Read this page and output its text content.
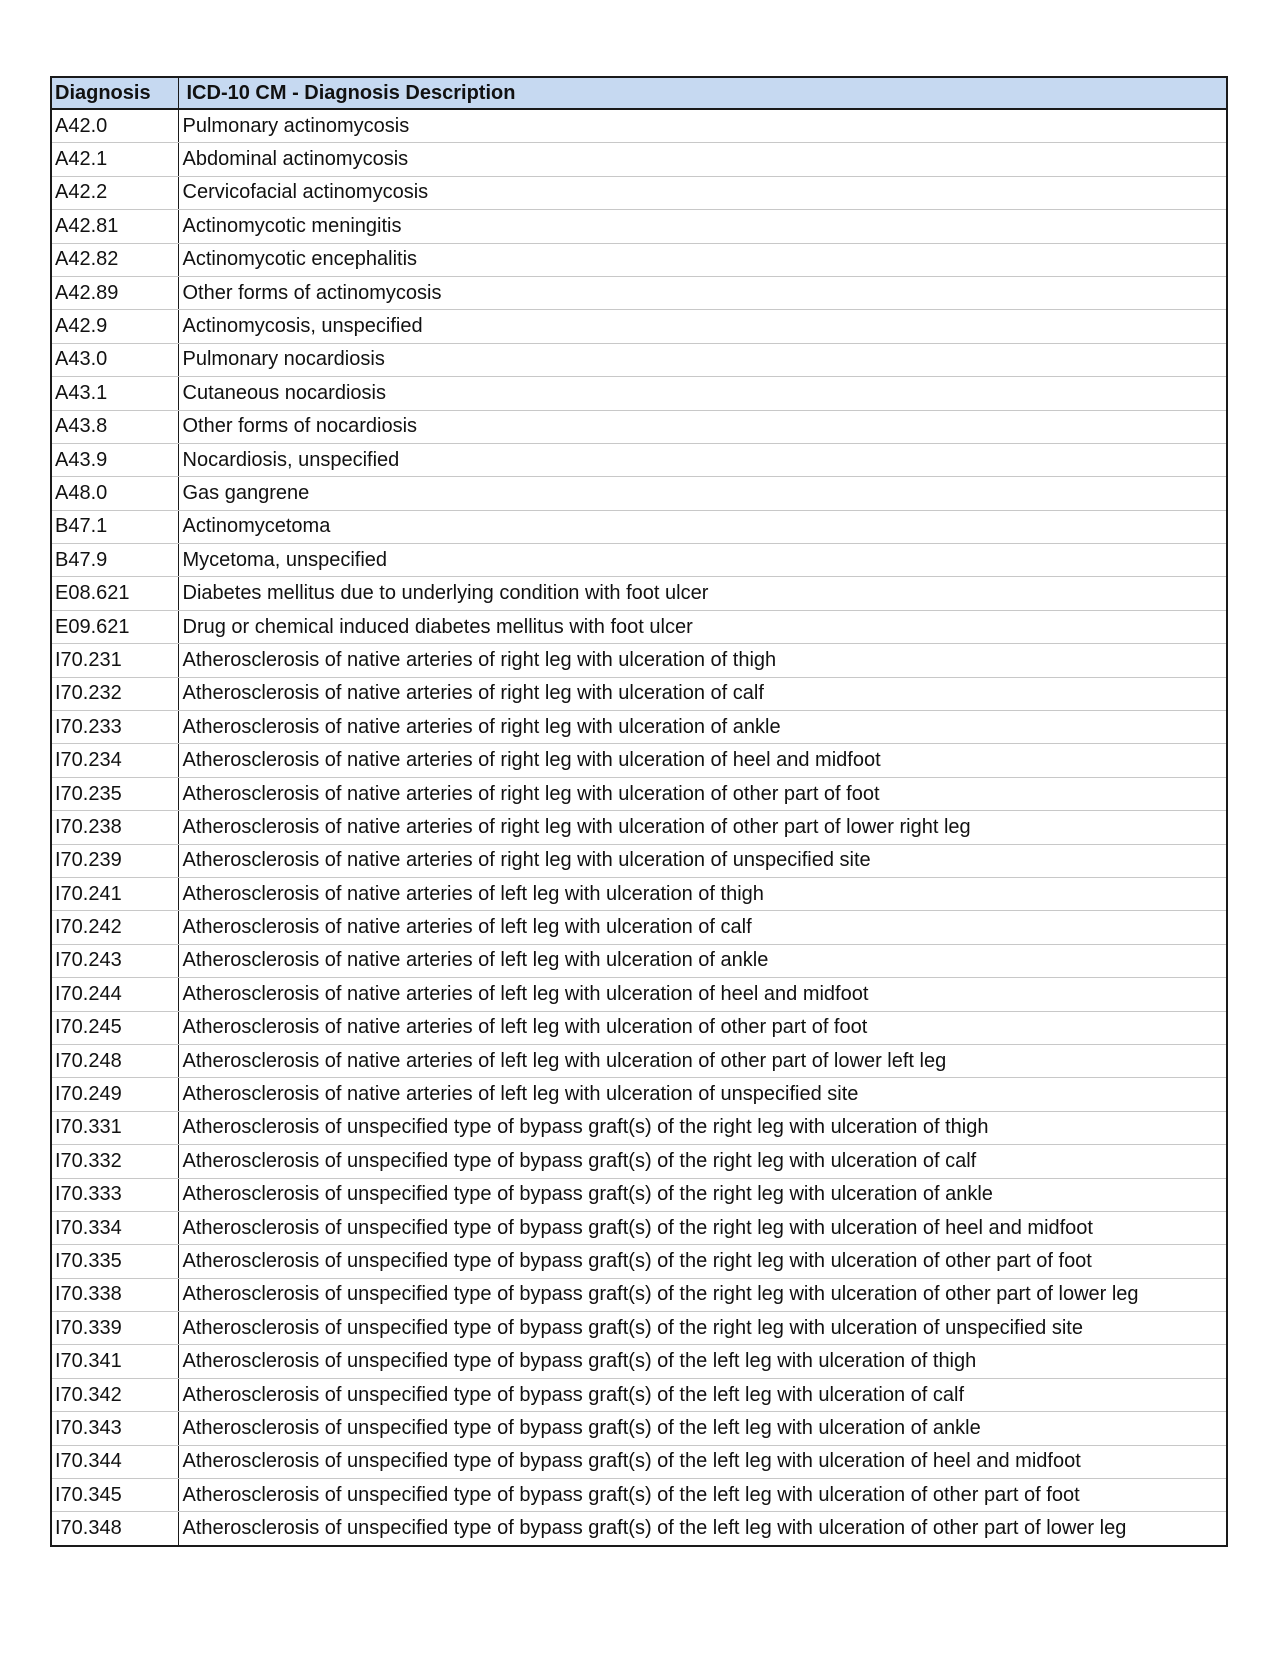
Diagnosis	ICD-10 CM - Diagnosis Description
A42.0	Pulmonary actinomycosis
A42.1	Abdominal actinomycosis
A42.2	Cervicofacial actinomycosis
A42.81	Actinomycotic meningitis
A42.82	Actinomycotic encephalitis
A42.89	Other forms of actinomycosis
A42.9	Actinomycosis, unspecified
A43.0	Pulmonary nocardiosis
A43.1	Cutaneous nocardiosis
A43.8	Other forms of nocardiosis
A43.9	Nocardiosis, unspecified
A48.0	Gas gangrene
B47.1	Actinomycetoma
B47.9	Mycetoma, unspecified
E08.621	Diabetes mellitus due to underlying condition with foot ulcer
E09.621	Drug or chemical induced diabetes mellitus with foot ulcer
I70.231	Atherosclerosis of native arteries of right leg with ulceration of thigh
I70.232	Atherosclerosis of native arteries of right leg with ulceration of calf
I70.233	Atherosclerosis of native arteries of right leg with ulceration of ankle
I70.234	Atherosclerosis of native arteries of right leg with ulceration of heel and midfoot
I70.235	Atherosclerosis of native arteries of right leg with ulceration of other part of foot
I70.238	Atherosclerosis of native arteries of right leg with ulceration of other part of lower right leg
I70.239	Atherosclerosis of native arteries of right leg with ulceration of unspecified site
I70.241	Atherosclerosis of native arteries of left leg with ulceration of thigh
I70.242	Atherosclerosis of native arteries of left leg with ulceration of calf
I70.243	Atherosclerosis of native arteries of left leg with ulceration of ankle
I70.244	Atherosclerosis of native arteries of left leg with ulceration of heel and midfoot
I70.245	Atherosclerosis of native arteries of left leg with ulceration of other part of foot
I70.248	Atherosclerosis of native arteries of left leg with ulceration of other part of lower left leg
I70.249	Atherosclerosis of native arteries of left leg with ulceration of unspecified site
I70.331	Atherosclerosis of unspecified type of bypass graft(s) of the right leg with ulceration of thigh
I70.332	Atherosclerosis of unspecified type of bypass graft(s) of the right leg with ulceration of calf
I70.333	Atherosclerosis of unspecified type of bypass graft(s) of the right leg with ulceration of ankle
I70.334	Atherosclerosis of unspecified type of bypass graft(s) of the right leg with ulceration of heel and midfoot
I70.335	Atherosclerosis of unspecified type of bypass graft(s) of the right leg with ulceration of other part of foot
I70.338	Atherosclerosis of unspecified type of bypass graft(s) of the right leg with ulceration of other part of lower leg
I70.339	Atherosclerosis of unspecified type of bypass graft(s) of the right leg with ulceration of unspecified site
I70.341	Atherosclerosis of unspecified type of bypass graft(s) of the left leg with ulceration of thigh
I70.342	Atherosclerosis of unspecified type of bypass graft(s) of the left leg with ulceration of calf
I70.343	Atherosclerosis of unspecified type of bypass graft(s) of the left leg with ulceration of ankle
I70.344	Atherosclerosis of unspecified type of bypass graft(s) of the left leg with ulceration of heel and midfoot
I70.345	Atherosclerosis of unspecified type of bypass graft(s) of the left leg with ulceration of other part of foot
I70.348	Atherosclerosis of unspecified type of bypass graft(s) of the left leg with ulceration of other part of lower leg
